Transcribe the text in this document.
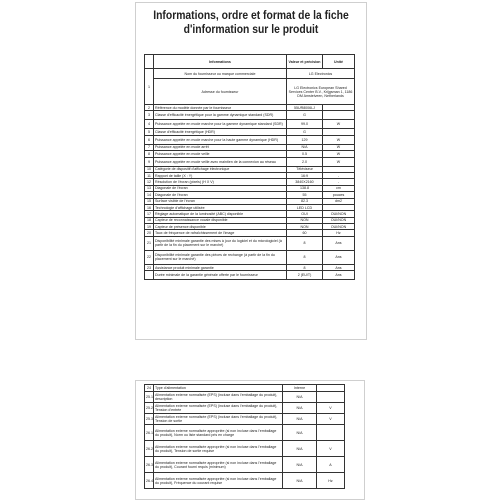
Informations, ordre et format de la fiche
d'information sur le produit
	Informations	Valeur et précision	Unité
1	Nom du fournisseur ou marque commerciale	LG Electronics	
	Adresse du fournisseur	LG Electronics European Shared
Services Center B.V., Krijgsman 1, 1186
DM Amstelveen, Netherlands	

2	Référence du modèle donnée par le fournisseur	55UR8006LJ	
3	Classe d'efficacité énergétique pour la gamme dynamique standard (SDR)	G	
4	Puissance appelée en mode marche pour la gamme dynamique standard (SDR)	99.0	W
5	Classe d'efficacité énergétique (HDR)	G	
6	Puissance appelée en mode marche pour la haute gamme dynamique (HDR)	129	W
7	Puissance appelée en mode arrêt	N/A	W
8	Puissance appelée en mode veille	0.5	W
9	Puissance appelée en mode veille avec maintien de la connexion au réseau	2.0	W
10	Catégorie de dispositif d'affichage électronique	Téléviseur	
11	Rapport de taille (X : Y)	16:9	-
12	Résolution de l'écran (pixels) (H X V)	3840X2160	-
13	Diagonale de l'écran	138.8	cm
14	Diagonale de l'écran	55	pouces
15	Surface visible de l'écran	82.3	dm2
16	Technologie d'affichage utilisée	LED LCD	
17	Réglage automatique de la luminosité (ABC) disponible	OUI	OUI/NON
18	Capteur de reconnaissance vocale disponible	NON	OUI/NON
19	Capteur de présence disponible	NON	OUI/NON
20	Taux de fréquence de rafraîchissement de l'image	60	Hz
21	Disponibilité minimale garantie des mises à jour du logiciel et du micrologiciel (à partir de la fin du placement sur le marché)	8	Ans
22	Disponibilité minimale garantie des pièces de rechange (à partir de la fin du placement sur le marché)	8	Ans
23	Assistance produit minimale garantie	8	Ans
	Durée minimale de la garantie générale offerte par le fournisseur	2 (EU/T)	Ans
24	Type d'alimentation	Interne	
25.1	Alimentation externe normalisée (EPS) (incluse dans l'emballage du produit), description	N/A	
25.2	Alimentation externe normalisée (EPS) (incluse dans l'emballage du produit), Tension d'entrée	N/A	V
25.3	Alimentation externe normalisée (EPS) (incluse dans l'emballage du produit), Tension de sortie	N/A	V
26.1	Alimentation externe normalisée appropriée (si non incluse dans l'emballage du produit), Norm ou liste standard pris en charge	N/A	
26.2	Alimentation externe normalisée appropriée (si non incluse dans l'emballage du produit), Tension de sortie requise	N/A	V
26.3	Alimentation externe normalisée appropriée (si non incluse dans l'emballage du produit), Courant fourni requis (minimum)	N/A	A
26.4	Alimentation externe normalisée appropriée (si non incluse dans l'emballage du produit), Fréquence du courant requise	N/A	Hz
